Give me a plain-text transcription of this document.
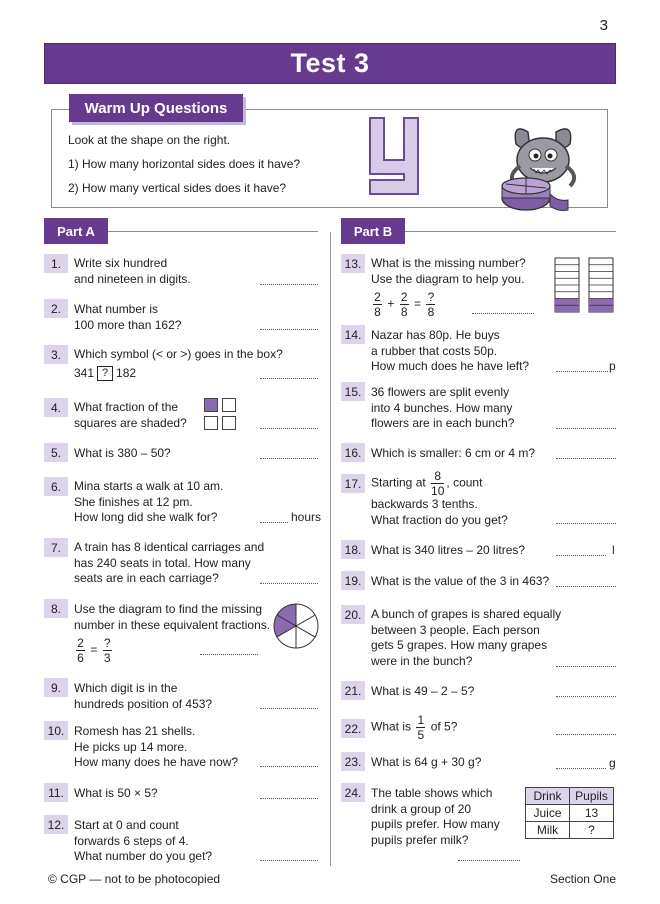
3
Test 3
Warm Up Questions
Look at the shape on the right.
1) How many horizontal sides does it have?
2) How many vertical sides does it have?
Part A	Part B
1.	Write six hundred
and nineteen in digits.
2.	What number is
100 more than 162?
3.	Which symbol (< or >) goes in the box?
341 ? 182
4.	What fraction of the
squares are shaded?
5.	What is 380 – 50?
6.	Mina starts a walk at 10 am.
She finishes at 12 pm.
How long did she walk for?	hours
7.	A train has 8 identical carriages and
has 240 seats in total. How many
seats are in each carriage?
8.	Use the diagram to find the missing
number in these equivalent fractions.
$\frac{2}{6} = \frac{?}{3}$
9.	Which digit is in the
hundreds position of 453?
10. Romesh has 21 shells.
He picks up 14 more.
How many does he have now?
11. What is 50 × 5?
12. Start at 0 and count
forwards 6 steps of 4.
What number do you get?
13. What is the missing number?
Use the diagram to help you.
$\frac{2}{8} + \frac{2}{8} = \frac{?}{8}$
14. Nazar has 80p. He buys
a rubber that costs 50p.
How much does he have left?	p
15. 36 flowers are split evenly
into 4 bunches. How many
flowers are in each bunch?
16. Which is smaller: 6 cm or 4 m?
17. Starting at $\frac{8}{10}$ , count
backwards 3 tenths.
What fraction do you get?
18. What is 340 litres – 20 litres?	l
19. What is the value of the 3 in 463?
20. A bunch of grapes is shared equally
between 3 people. Each person
gets 5 grapes. How many grapes
were in the bunch?
21. What is 49 – 2 – 5?
22. What is $\frac{1}{5}$ of 5?
23. What is 64 g + 30 g?	g
24. The table shows which
drink a group of 20
pupils prefer. How many
pupils prefer milk?
Drink	Pupils
Juice	13
Milk	?
© CGP — not to be photocopied	Section One
